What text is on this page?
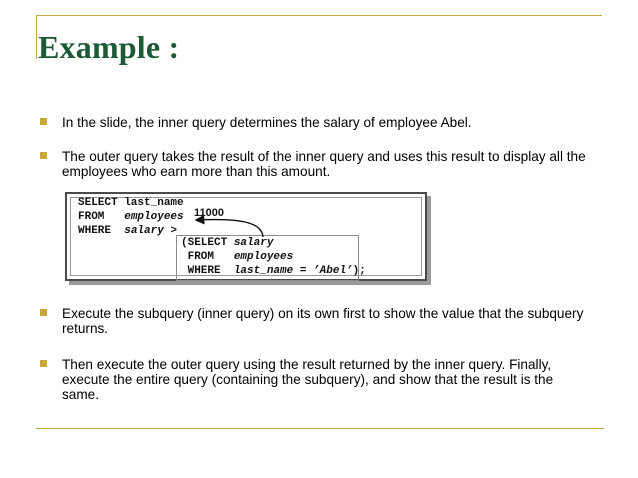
Example :
In the slide, the inner query determines the salary of employee Abel.
The outer query takes the result of the inner query and uses this result to display all the employees who earn more than this amount.
SELECT last_name
FROM employees
WHERE salary >
(SELECT salary
FROM employees
WHERE last_name = ’Abel’);
11000
Execute the subquery (inner query) on its own first to show the value that the subquery returns.
Then execute the outer query using the result returned by the inner query. Finally, execute the entire query (containing the subquery), and show that the result is the same.
